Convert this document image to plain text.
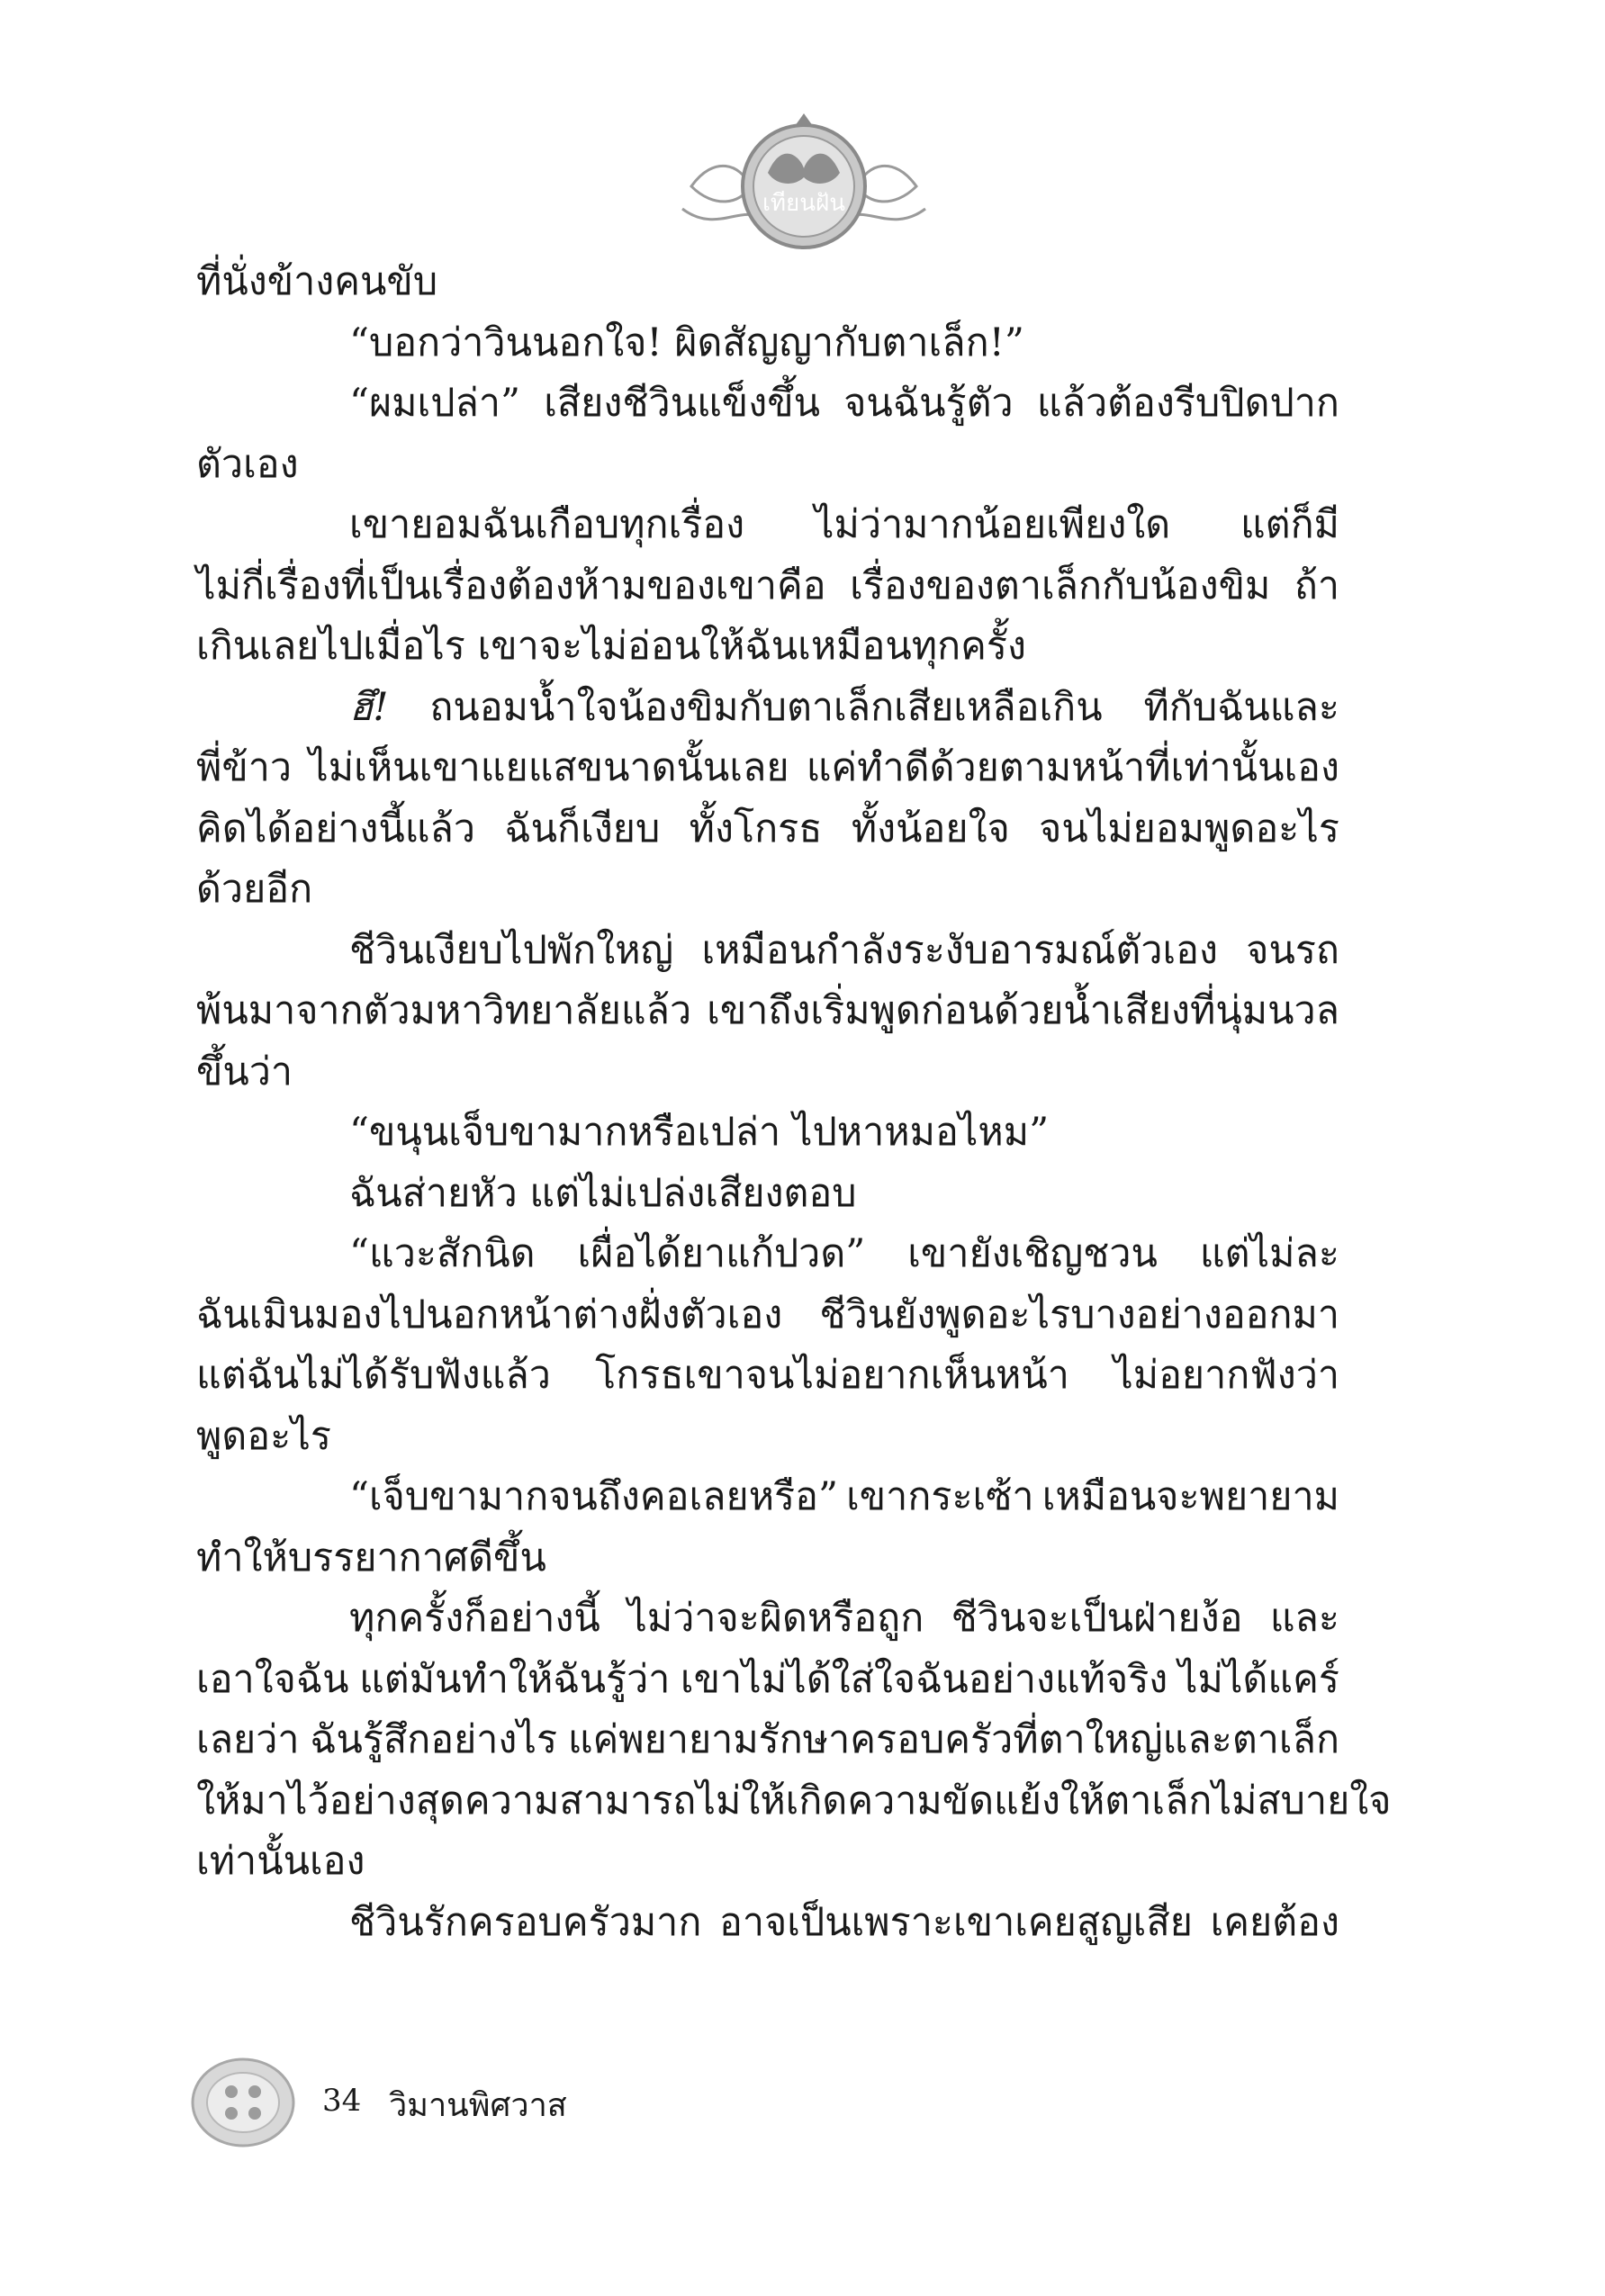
เทียนฝัน

ที่นั่งข้างคนขับ

“บอกว่าวินนอกใจ! ผิดสัญญากับตาเล็ก!”

“ผมเปล่า” เสียงชีวินแข็งขึ้น จนฉันรู้ตัว แล้วต้องรีบปิดปาก

ตัวเอง

เขายอมฉันเกือบทุกเรื่อง ไม่ว่ามากน้อยเพียงใด แต่ก็มี

ไม่กี่เรื่องที่เป็นเรื่องต้องห้ามของเขาคือ เรื่องของตาเล็กกับน้องขิม ถ้า

เกินเลยไปเมื่อไร เขาจะไม่อ่อนให้ฉันเหมือนทุกครั้ง

ฮึ! ถนอมน้ำใจน้องขิมกับตาเล็กเสียเหลือเกิน ทีกับฉันและ

พี่ข้าว ไม่เห็นเขาแยแสขนาดนั้นเลย แค่ทำดีด้วยตามหน้าที่เท่านั้นเอง

คิดได้อย่างนี้แล้ว ฉันก็เงียบ ทั้งโกรธ ทั้งน้อยใจ จนไม่ยอมพูดอะไร

ด้วยอีก

ชีวินเงียบไปพักใหญ่ เหมือนกำลังระงับอารมณ์ตัวเอง จนรถ

พ้นมาจากตัวมหาวิทยาลัยแล้ว เขาถึงเริ่มพูดก่อนด้วยน้ำเสียงที่นุ่มนวล

ขึ้นว่า

“ขนุนเจ็บขามากหรือเปล่า ไปหาหมอไหม”

ฉันส่ายหัว แต่ไม่เปล่งเสียงตอบ

“แวะสักนิด เผื่อได้ยาแก้ปวด” เขายังเชิญชวน แต่ไม่ละ

ฉันเมินมองไปนอกหน้าต่างฝั่งตัวเอง ชีวินยังพูดอะไรบางอย่างออกมา

แต่ฉันไม่ได้รับฟังแล้ว โกรธเขาจนไม่อยากเห็นหน้า ไม่อยากฟังว่า

พูดอะไร

“เจ็บขามากจนถึงคอเลยหรือ” เขากระเซ้า เหมือนจะพยายาม

ทำให้บรรยากาศดีขึ้น

ทุกครั้งก็อย่างนี้ ไม่ว่าจะผิดหรือถูก ชีวินจะเป็นฝ่ายง้อ และ

เอาใจฉัน แต่มันทำให้ฉันรู้ว่า เขาไม่ได้ใส่ใจฉันอย่างแท้จริง ไม่ได้แคร์

เลยว่า ฉันรู้สึกอย่างไร แค่พยายามรักษาครอบครัวที่ตาใหญ่และตาเล็ก

ให้มาไว้อย่างสุดความสามารถ ไม่ให้เกิดความขัดแย้งให้ตาเล็กไม่สบายใจ

เท่านั้นเอง

ชีวินรักครอบครัวมาก อาจเป็นเพราะเขาเคยสูญเสีย เคยต้อง

34 วิมานพิศวาส
